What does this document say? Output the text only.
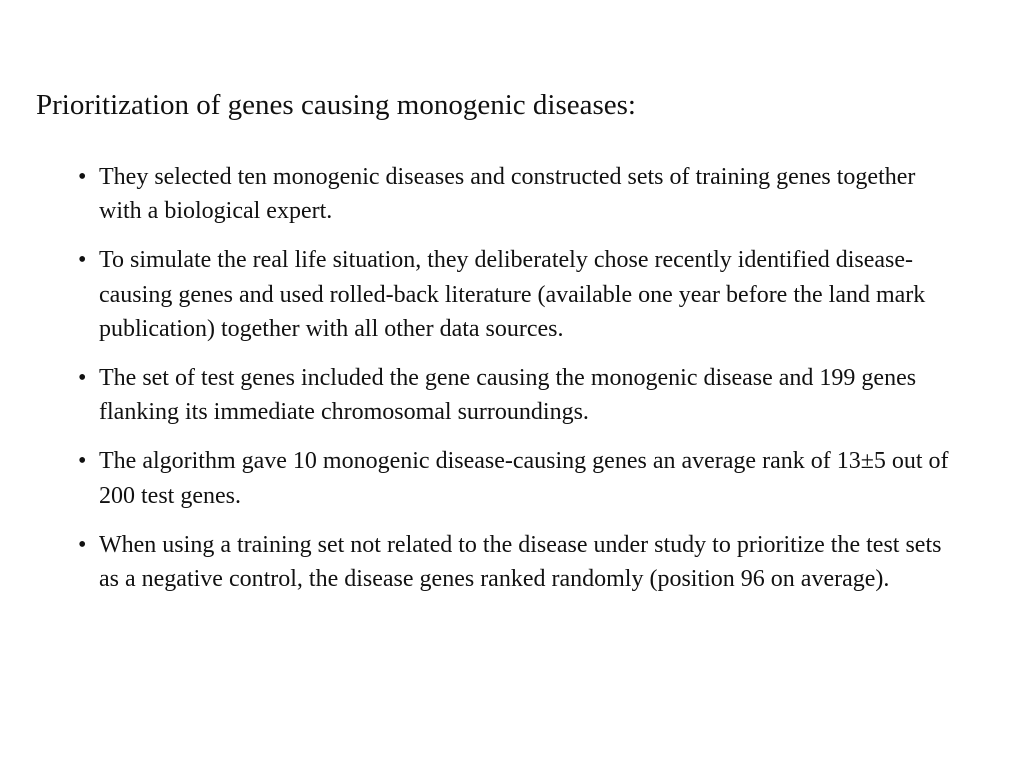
Prioritization of genes causing monogenic diseases:
• They selected ten monogenic diseases and constructed sets of training genes together with a biological expert.
• To simulate the real life situation, they deliberately chose recently identified disease-causing genes and used rolled-back literature (available one year before the land mark publication) together with all other data sources.
• The set of test genes included the gene causing the monogenic disease and 199 genes flanking its immediate chromosomal surroundings.
• The algorithm gave 10 monogenic disease-causing genes an average rank of 13±5 out of 200 test genes.
• When using a training set not related to the disease under study to prioritize the test sets as a negative control, the disease genes ranked randomly (position 96 on average).
